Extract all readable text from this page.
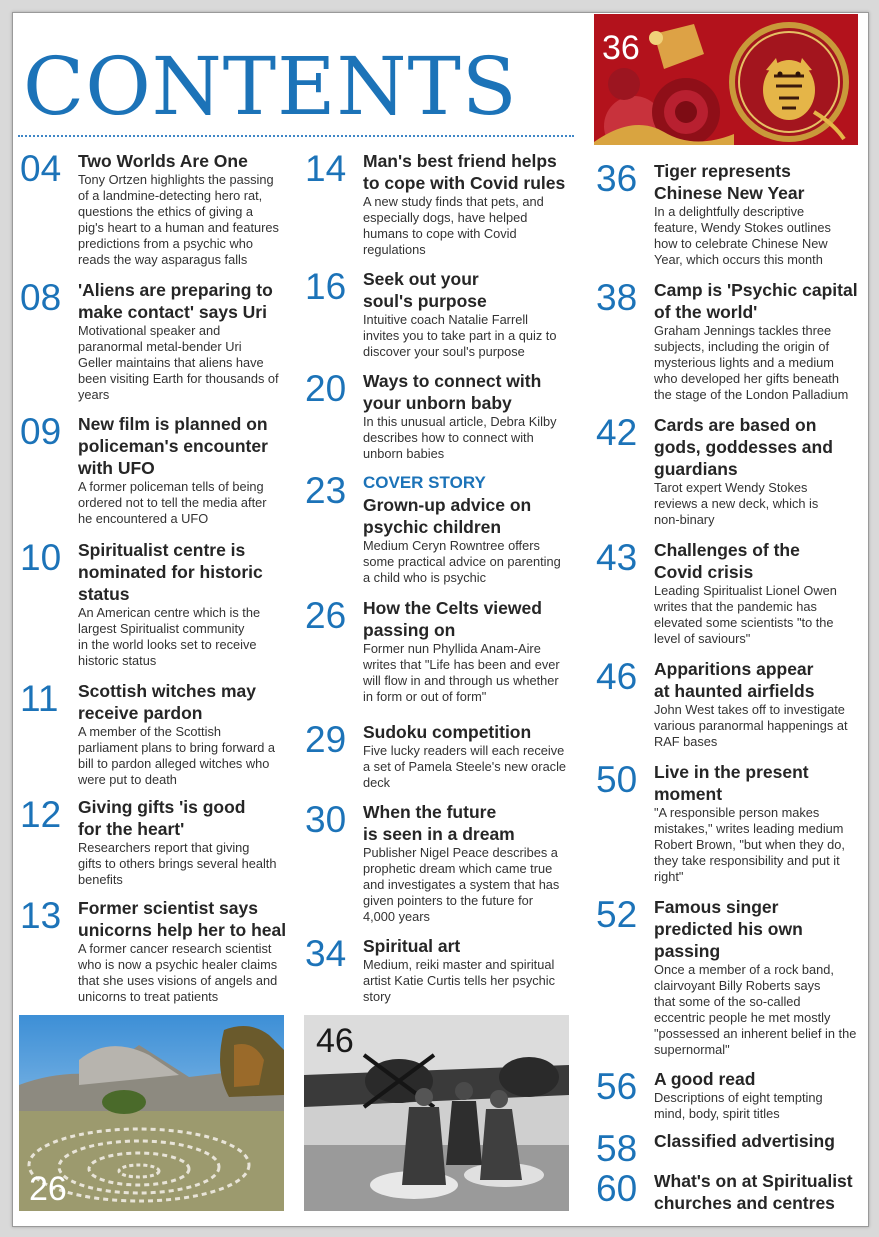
CONTENTS 36
26
46
04 Two Worlds Are One
Tony Ortzen highlights the passing
of a landmine-detecting hero rat,
questions the ethics of giving a
pig's heart to a human and features
predictions from a psychic who
reads the way asparagus falls
08 'Aliens are preparing to
make contact' says Uri
Motivational speaker and
paranormal metal-bender Uri
Geller maintains that aliens have
been visiting Earth for thousands of
years
09 New film is planned on
policeman's encounter
with UFO
A former policeman tells of being
ordered not to tell the media after
he encountered a UFO
10 Spiritualist centre is
nominated for historic
status
An American centre which is the
largest Spiritualist community
in the world looks set to receive
historic status
11 Scottish witches may
receive pardon
A member of the Scottish
parliament plans to bring forward a
bill to pardon alleged witches who
were put to death
12 Giving gifts 'is good
for the heart'
Researchers report that giving
gifts to others brings several health
benefits
13 Former scientist says
unicorns help her to heal
A former cancer research scientist
who is now a psychic healer claims
that she uses visions of angels and
unicorns to treat patients
14 Man's best friend helps
to cope with Covid rules
A new study finds that pets, and
especially dogs, have helped
humans to cope with Covid
regulations
16 Seek out your
soul's purpose
Intuitive coach Natalie Farrell
invites you to take part in a quiz to
discover your soul's purpose
20 Ways to connect with
your unborn baby
In this unusual article, Debra Kilby
describes how to connect with
unborn babies
23 COVER STORY
Grown-up advice on
psychic children
Medium Ceryn Rowntree offers
some practical advice on parenting
a child who is psychic
26 How the Celts viewed
passing on
Former nun Phyllida Anam-Aire
writes that "Life has been and ever
will flow in and through us whether
in form or out of form"
29 Sudoku competition
Five lucky readers will each receive
a set of Pamela Steele's new oracle
deck
30 When the future
is seen in a dream
Publisher Nigel Peace describes a
prophetic dream which came true
and investigates a system that has
given pointers to the future for
4,000 years
34 Spiritual art
Medium, reiki master and spiritual
artist Katie Curtis tells her psychic
story
36 Tiger represents
Chinese New Year
In a delightfully descriptive
feature, Wendy Stokes outlines
how to celebrate Chinese New
Year, which occurs this month
38 Camp is 'Psychic capital
of the world'
Graham Jennings tackles three
subjects, including the origin of
mysterious lights and a medium
who developed her gifts beneath
the stage of the London Palladium
42 Cards are based on
gods, goddesses and
guardians
Tarot expert Wendy Stokes
reviews a new deck, which is
non-binary
43 Challenges of the
Covid crisis
Leading Spiritualist Lionel Owen
writes that the pandemic has
elevated some scientists "to the
level of saviours"
46 Apparitions appear
at haunted airfields
John West takes off to investigate
various paranormal happenings at
RAF bases
50 Live in the present
moment
"A responsible person makes
mistakes," writes leading medium
Robert Brown, "but when they do,
they take responsibility and put it
right"
52 Famous singer
predicted his own
passing
Once a member of a rock band,
clairvoyant Billy Roberts says
that some of the so-called
eccentric people he met mostly
"possessed an inherent belief in the
supernormal"
56 A good read
Descriptions of eight tempting
mind, body, spirit titles
58 Classified advertising
60 What's on at Spiritualist
churches and centres
